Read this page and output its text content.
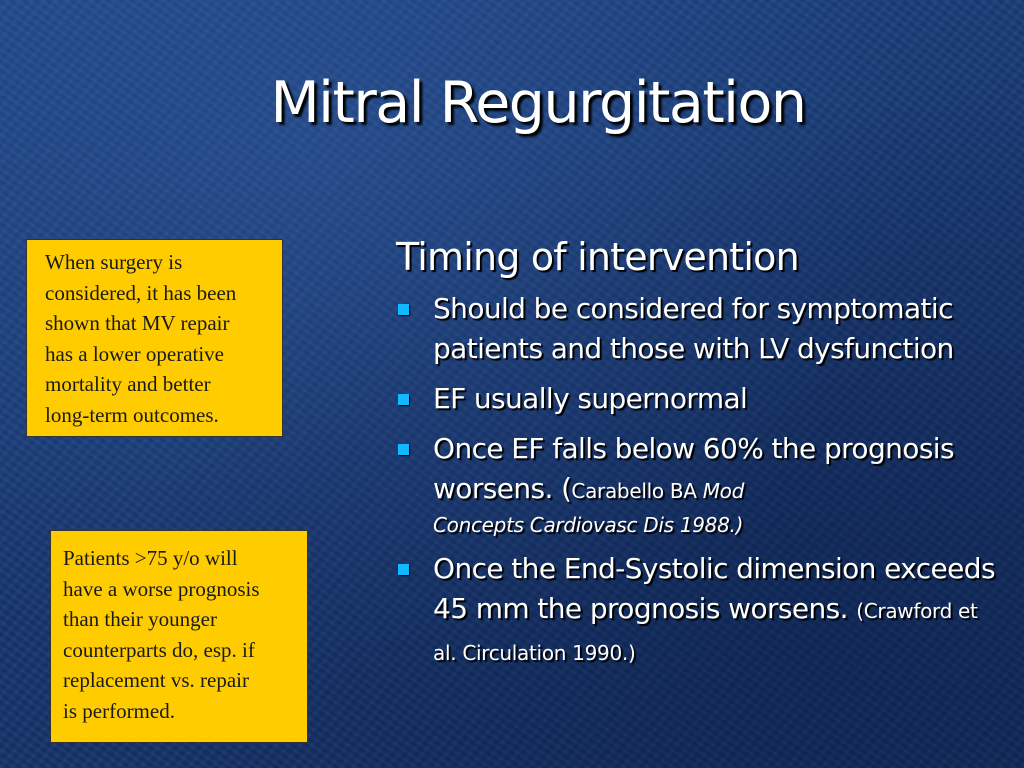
Mitral Regurgitation
When surgery is
considered, it has been
shown that MV repair
has a lower operative
mortality and better
long-term outcomes.
Patients >75 y/o will
have a worse prognosis
than their younger
counterparts do, esp. if
replacement vs. repair
is performed.
Timing of intervention
Should be considered for symptomatic patients and those with LV dysfunction
EF usually supernormal
Once EF falls below 60% the prognosis worsens. (Carabello BA Mod
Concepts Cardiovasc Dis 1988.)
Once the End-Systolic dimension exceeds 45 mm the prognosis worsens. (Crawford et al. Circulation 1990.)
